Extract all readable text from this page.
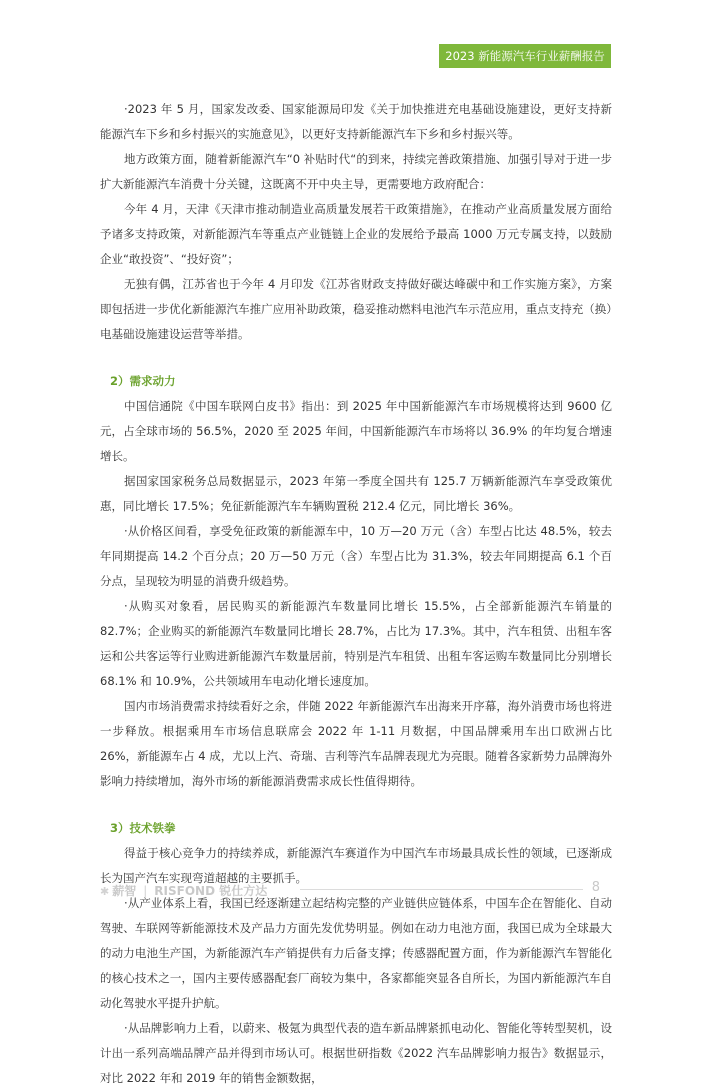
2023 新能源汽车行业薪酬报告

·2023 年 5 月，国家发改委、国家能源局印发《关于加快推进充电基础设施建设，更好支持新能源汽车下乡和乡村振兴的实施意见》，以更好支持新能源汽车下乡和乡村振兴等。

地方政策方面，随着新能源汽车“0 补贴时代“的到来，持续完善政策措施、加强引导对于进一步扩大新能源汽车消费十分关键，这既离不开中央主导，更需要地方政府配合：

今年 4 月，天津《天津市推动制造业高质量发展若干政策措施》，在推动产业高质量发展方面给予诸多支持政策，对新能源汽车等重点产业链链上企业的发展给予最高 1000 万元专属支持，以鼓励企业“敢投资”、“投好资”；

无独有偶，江苏省也于今年 4 月印发《江苏省财政支持做好碳达峰碳中和工作实施方案》，方案即包括进一步优化新能源汽车推广应用补助政策，稳妥推动燃料电池汽车示范应用，重点支持充（换）电基础设施建设运营等举措。

2）需求动力

中国信通院《中国车联网白皮书》指出：到 2025 年中国新能源汽车市场规模将达到 9600 亿元，占全球市场的 56.5%，2020 至 2025 年间，中国新能源汽车市场将以 36.9% 的年均复合增速增长。

据国家国家税务总局数据显示，2023 年第一季度全国共有 125.7 万辆新能源汽车享受政策优惠，同比增长 17.5%；免征新能源汽车车辆购置税 212.4 亿元，同比增长 36%。

·从价格区间看，享受免征政策的新能源车中，10 万—20 万元（含）车型占比达 48.5%，较去年同期提高 14.2 个百分点；20 万—50 万元（含）车型占比为 31.3%，较去年同期提高 6.1 个百分点，呈现较为明显的消费升级趋势。

·从购买对象看，居民购买的新能源汽车数量同比增长 15.5%，占全部新能源汽车销量的 82.7%；企业购买的新能源汽车数量同比增长 28.7%，占比为 17.3%。其中，汽车租赁、出租车客运和公共客运等行业购进新能源汽车数量居前，特别是汽车租赁、出租车客运购车数量同比分别增长 68.1% 和 10.9%，公共领域用车电动化增长速度加。

国内市场消费需求持续看好之余，伴随 2022 年新能源汽车出海来开序幕，海外消费市场也将进一步释放。根据乘用车市场信息联席会 2022 年 1-11 月数据，中国品牌乘用车出口欧洲占比 26%，新能源车占 4 成，尤以上汽、奇瑞、吉利等汽车品牌表现尤为亮眼。随着各家新势力品牌海外影响力持续增加，海外市场的新能源消费需求成长性值得期待。

3）技术铁拳

得益于核心竞争力的持续养成，新能源汽车赛道作为中国汽车市场最具成长性的领域，已逐渐成长为国产汽车实现弯道超越的主要抓手。

·从产业体系上看，我国已经逐渐建立起结构完整的产业链供应链体系，中国车企在智能化、自动驾驶、车联网等新能源技术及产品力方面先发优势明显。例如在动力电池方面，我国已成为全球最大的动力电池生产国，为新能源汽车产销提供有力后备支撑；传感器配置方面，作为新能源汽车智能化的核心技术之一，国内主要传感器配套厂商较为集中，各家都能突显各自所长，为国内新能源汽车自动化驾驶水平提升护航。

·从品牌影响力上看，以蔚来、极氪为典型代表的造车新品牌紧抓电动化、智能化等转型契机，设计出一系列高端品牌产品并得到市场认可。根据世研指数《2022 汽车品牌影响力报告》数据显示，对比 2022 年和 2019 年的销售金额数据，

✱ 薪智 | RISFOND 锐仕方达	8
